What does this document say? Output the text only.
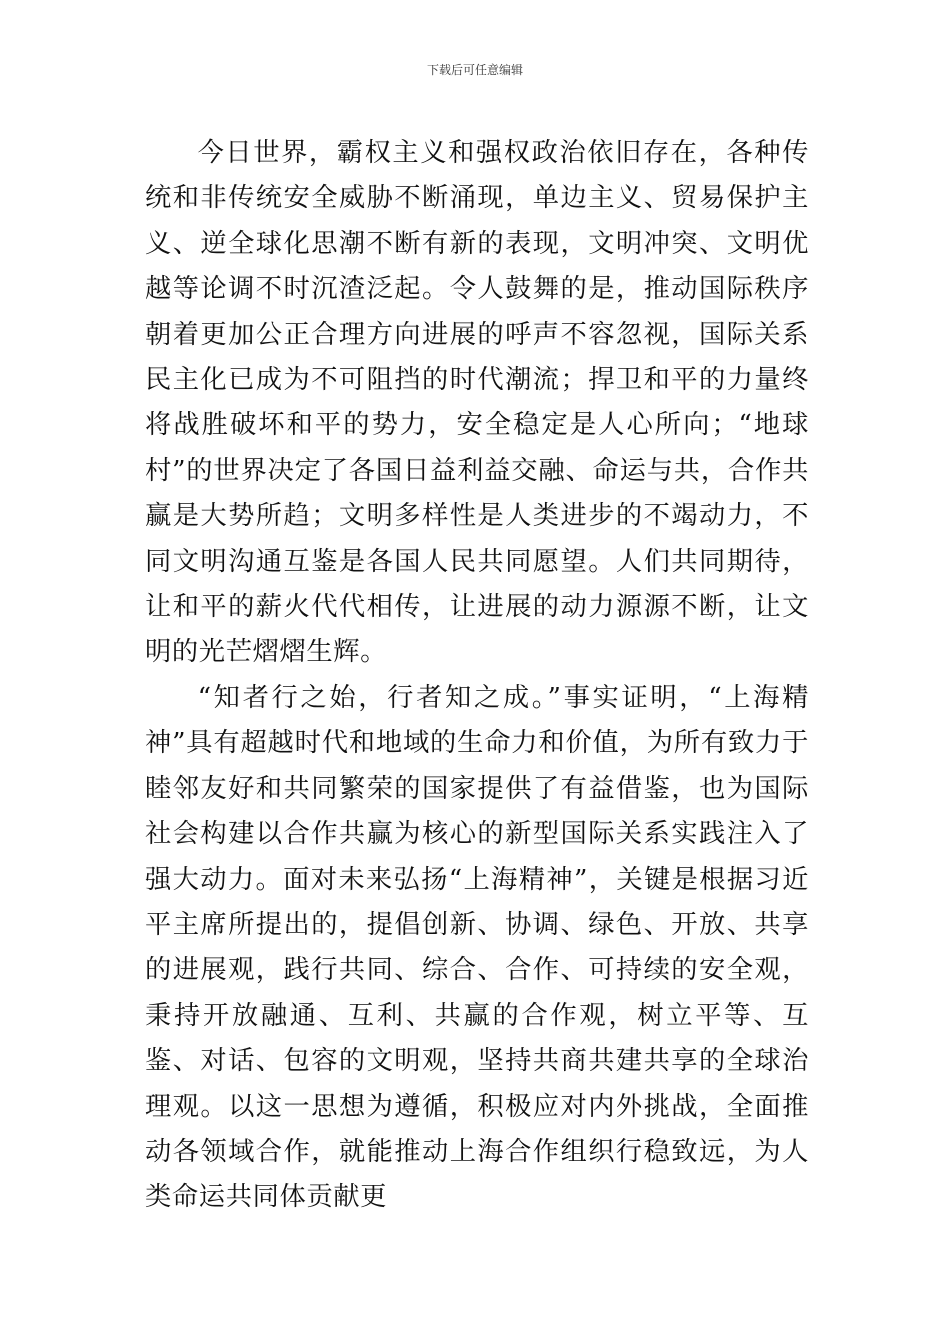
下载后可任意编辑

今日世界，霸权主义和强权政治依旧存在，各种传统和非传统安全威胁不断涌现，单边主义、贸易保护主义、逆全球化思潮不断有新的表现，文明冲突、文明优越等论调不时沉渣泛起。令人鼓舞的是，推动国际秩序朝着更加公正合理方向进展的呼声不容忽视，国际关系民主化已成为不可阻挡的时代潮流；捍卫和平的力量终将战胜破坏和平的势力，安全稳定是人心所向；“地球村”的世界决定了各国日益利益交融、命运与共，合作共赢是大势所趋；文明多样性是人类进步的不竭动力，不同文明沟通互鉴是各国人民共同愿望。人们共同期待，让和平的薪火代代相传，让进展的动力源源不断，让文明的光芒熠熠生辉。

“知者行之始，行者知之成。”事实证明，“上海精神”具有超越时代和地域的生命力和价值，为所有致力于睦邻友好和共同繁荣的国家提供了有益借鉴，也为国际社会构建以合作共赢为核心的新型国际关系实践注入了强大动力。面对未来弘扬“上海精神”，关键是根据习近平主席所提出的，提倡创新、协调、绿色、开放、共享的进展观，践行共同、综合、合作、可持续的安全观，秉持开放融通、互利、共赢的合作观，树立平等、互鉴、对话、包容的文明观，坚持共商共建共享的全球治理观。以这一思想为遵循，积极应对内外挑战，全面推动各领域合作，就能推动上海合作组织行稳致远，为人类命运共同体贡献更
